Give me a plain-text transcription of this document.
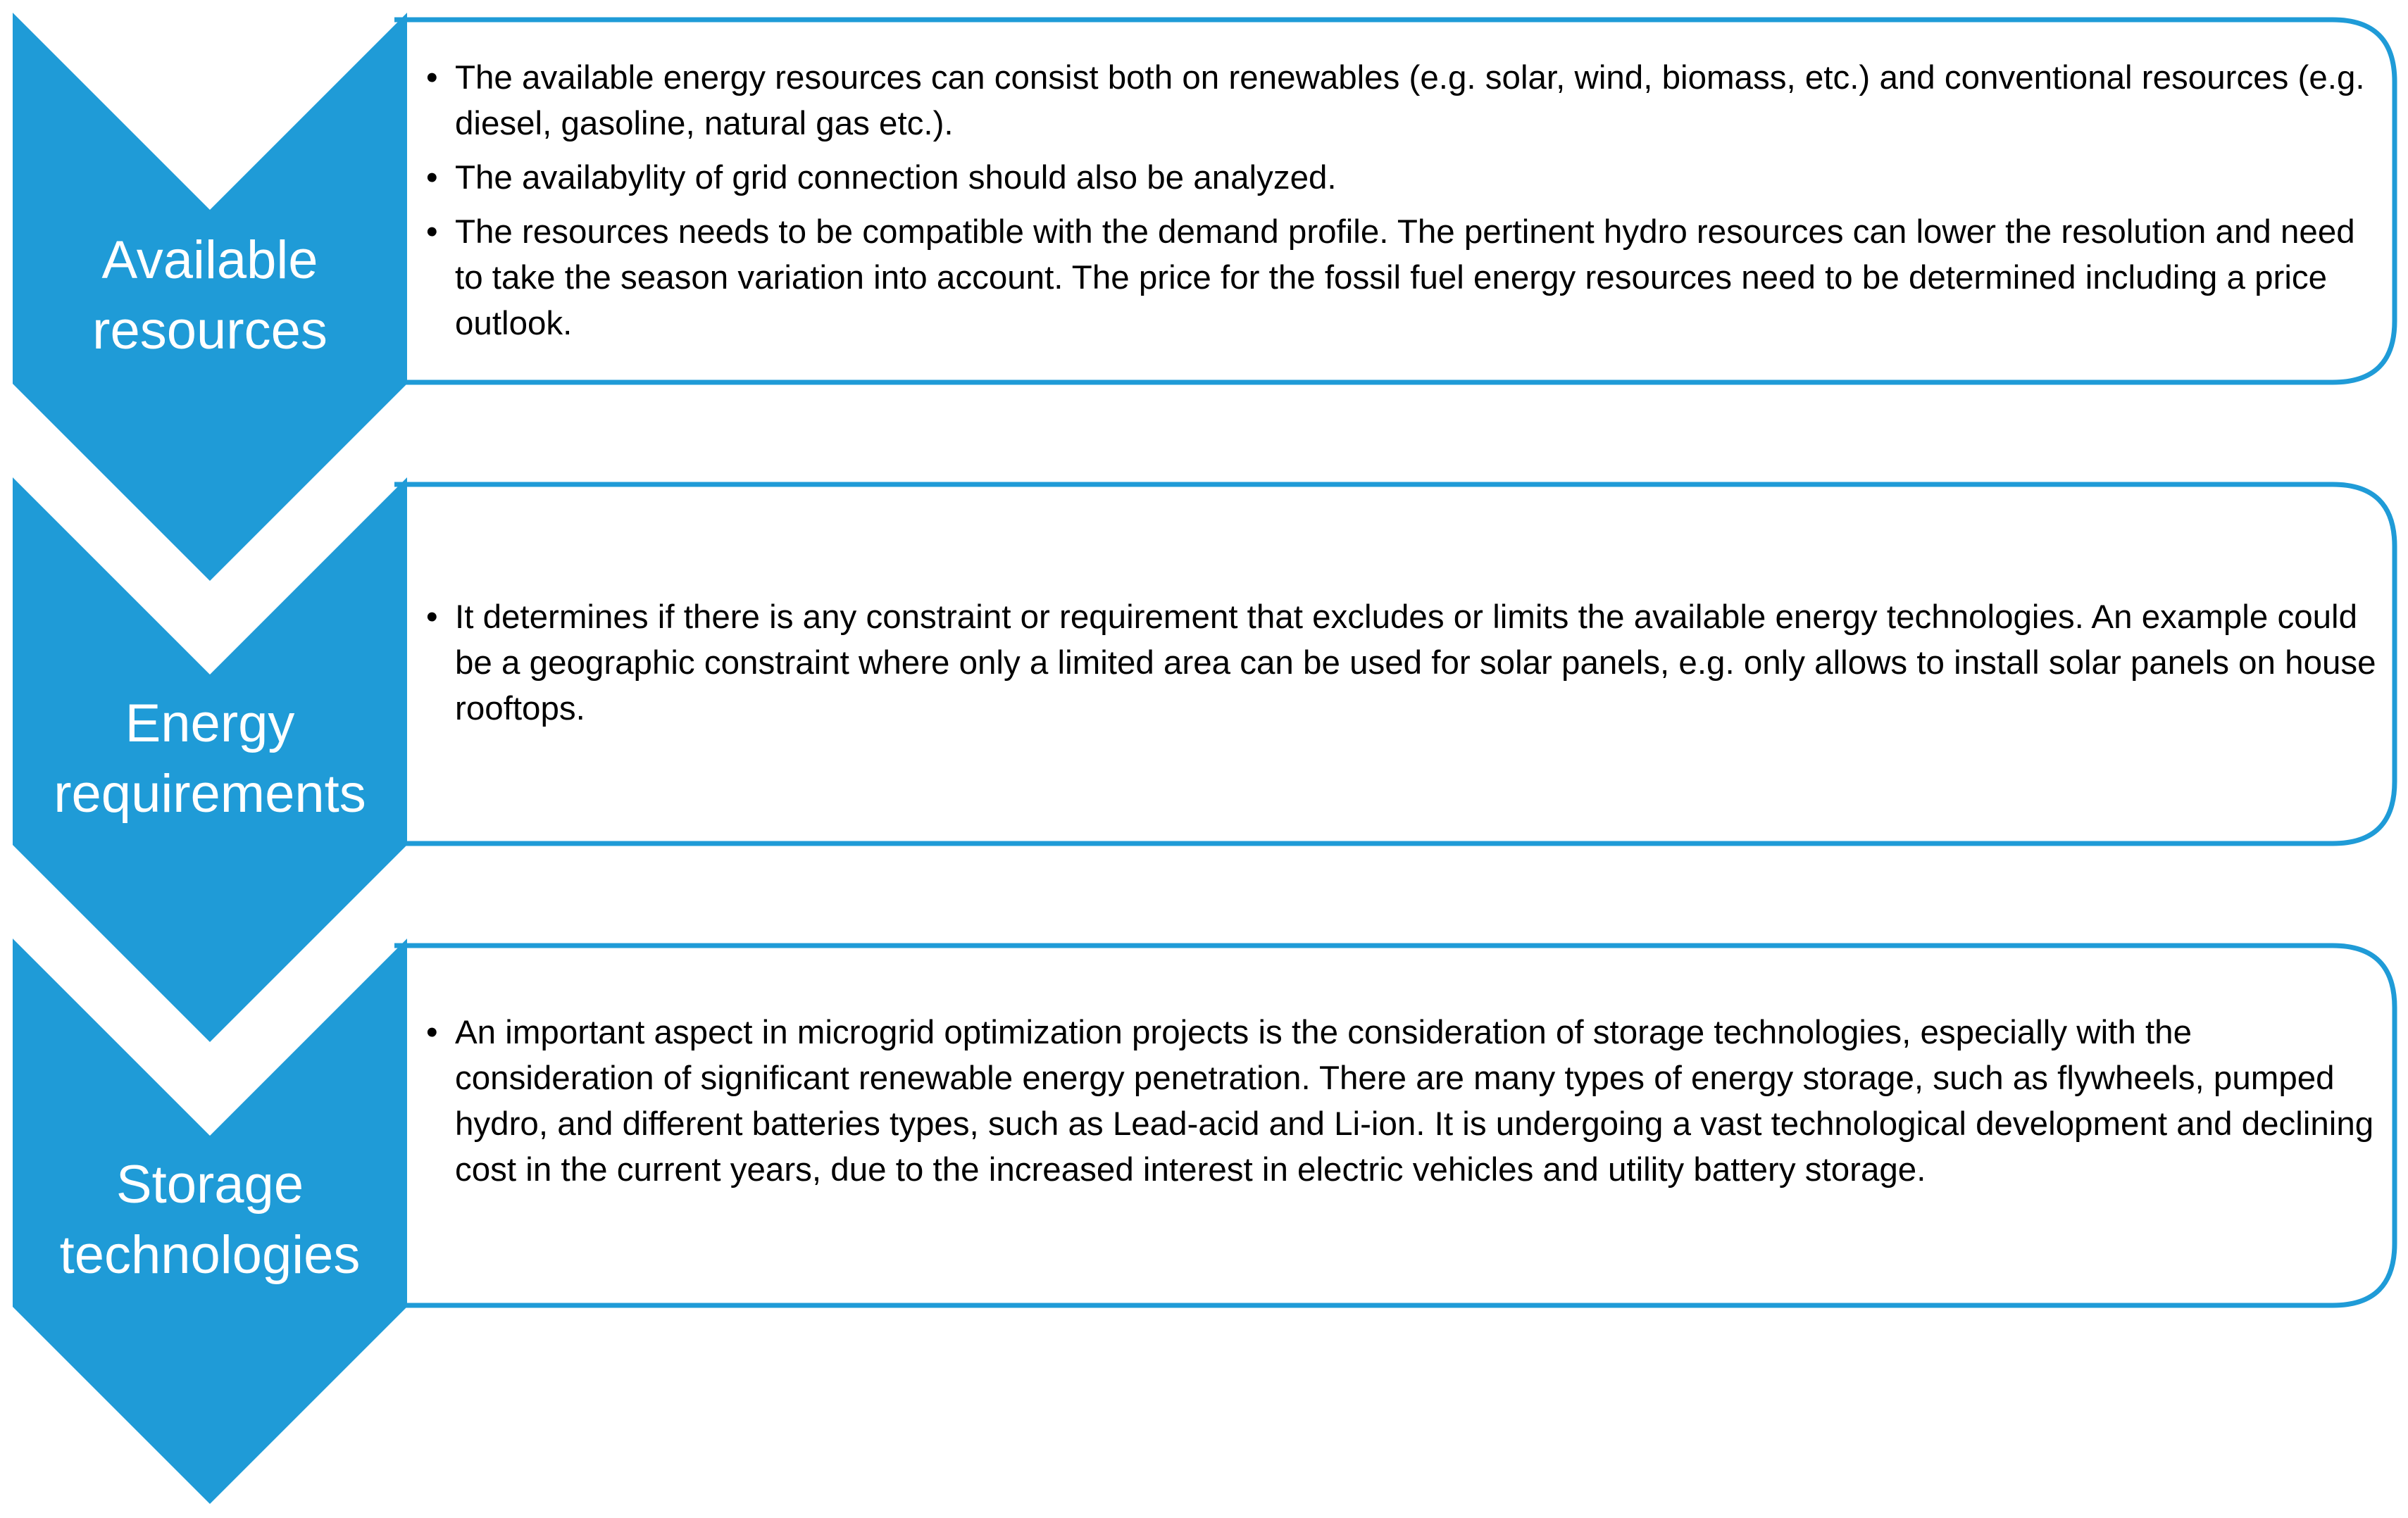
Available
resources
Energy
requirements
Storage
technologies
• The available energy resources can consist both on renewables (e.g. solar, wind, biomass, etc.) and conventional resources (e.g. diesel, gasoline, natural gas etc.).
• The availabylity of grid connection should also be analyzed.
• The resources needs to be compatible with the demand profile. The pertinent hydro resources can lower the resolution and need to take the season variation into account. The price for the fossil fuel energy resources need to be determined including a price outlook.
• It determines if there is any constraint or requirement that excludes or limits the available energy technologies. An example could be a geographic constraint where only a limited area can be used for solar panels, e.g. only allows to install solar panels on house rooftops.
• An important aspect in microgrid optimization projects is the consideration of storage technologies, especially with the consideration of significant renewable energy penetration. There are many types of energy storage, such as flywheels, pumped hydro, and different batteries types, such as Lead-acid and Li-ion. It is undergoing a vast technological development and declining cost in the current years, due to the increased interest in electric vehicles and utility battery storage.
